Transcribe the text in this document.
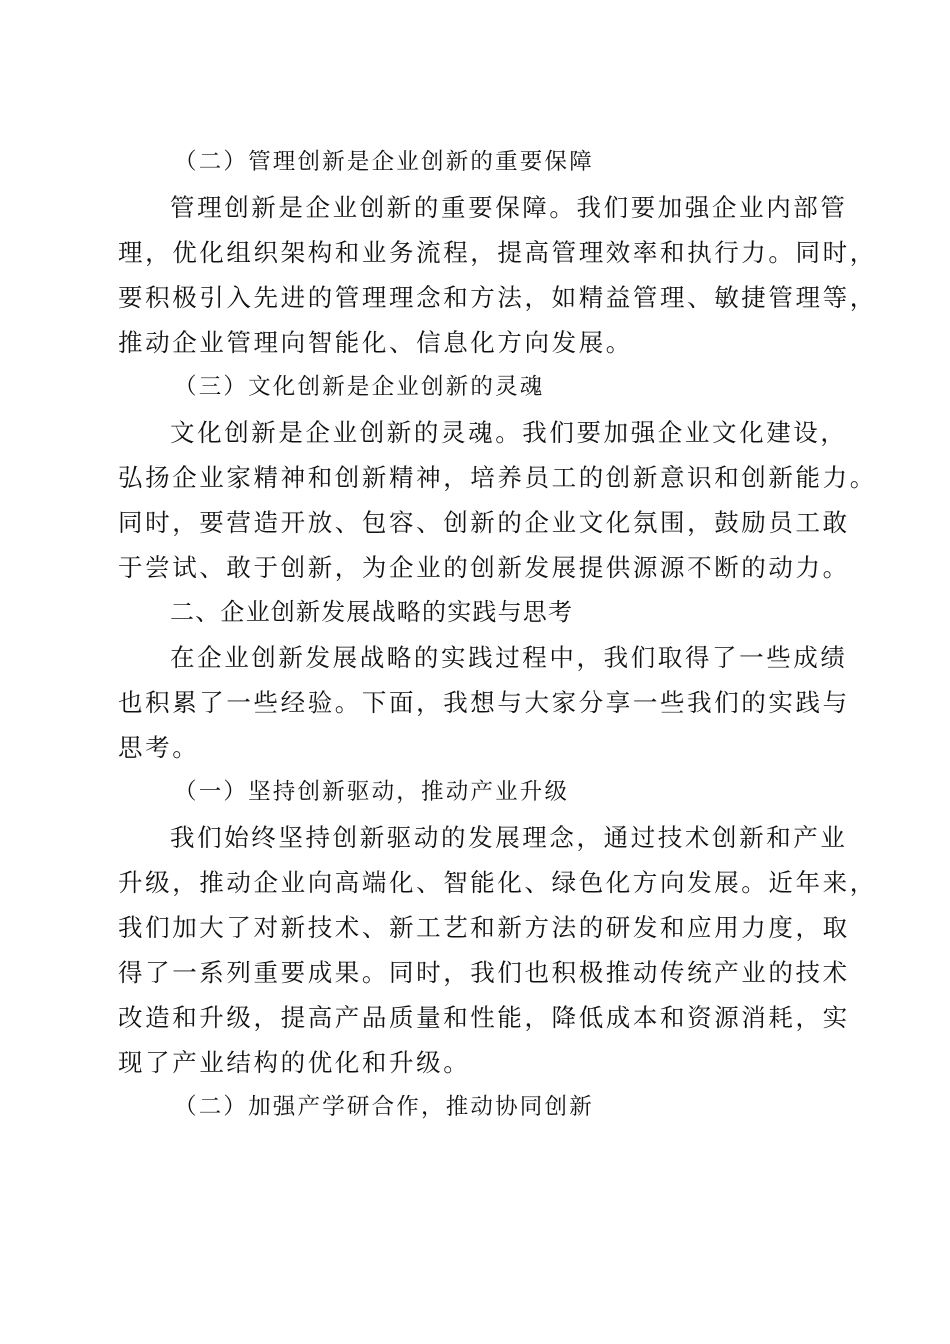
（二）管理创新是企业创新的重要保障
管理创新是企业创新的重要保障。我们要加强企业内部管
理，优化组织架构和业务流程，提高管理效率和执行力。同时，
要积极引入先进的管理理念和方法，如精益管理、敏捷管理等，
推动企业管理向智能化、信息化方向发展。
（三）文化创新是企业创新的灵魂
文化创新是企业创新的灵魂。我们要加强企业文化建设，
弘扬企业家精神和创新精神，培养员工的创新意识和创新能力。
同时，要营造开放、包容、创新的企业文化氛围，鼓励员工敢
于尝试、敢于创新，为企业的创新发展提供源源不断的动力。
二、企业创新发展战略的实践与思考
在企业创新发展战略的实践过程中，我们取得了一些成绩
也积累了一些经验。下面，我想与大家分享一些我们的实践与
思考。
（一）坚持创新驱动，推动产业升级
我们始终坚持创新驱动的发展理念，通过技术创新和产业
升级，推动企业向高端化、智能化、绿色化方向发展。近年来，
我们加大了对新技术、新工艺和新方法的研发和应用力度，取
得了一系列重要成果。同时，我们也积极推动传统产业的技术
改造和升级，提高产品质量和性能，降低成本和资源消耗，实
现了产业结构的优化和升级。
（二）加强产学研合作，推动协同创新
